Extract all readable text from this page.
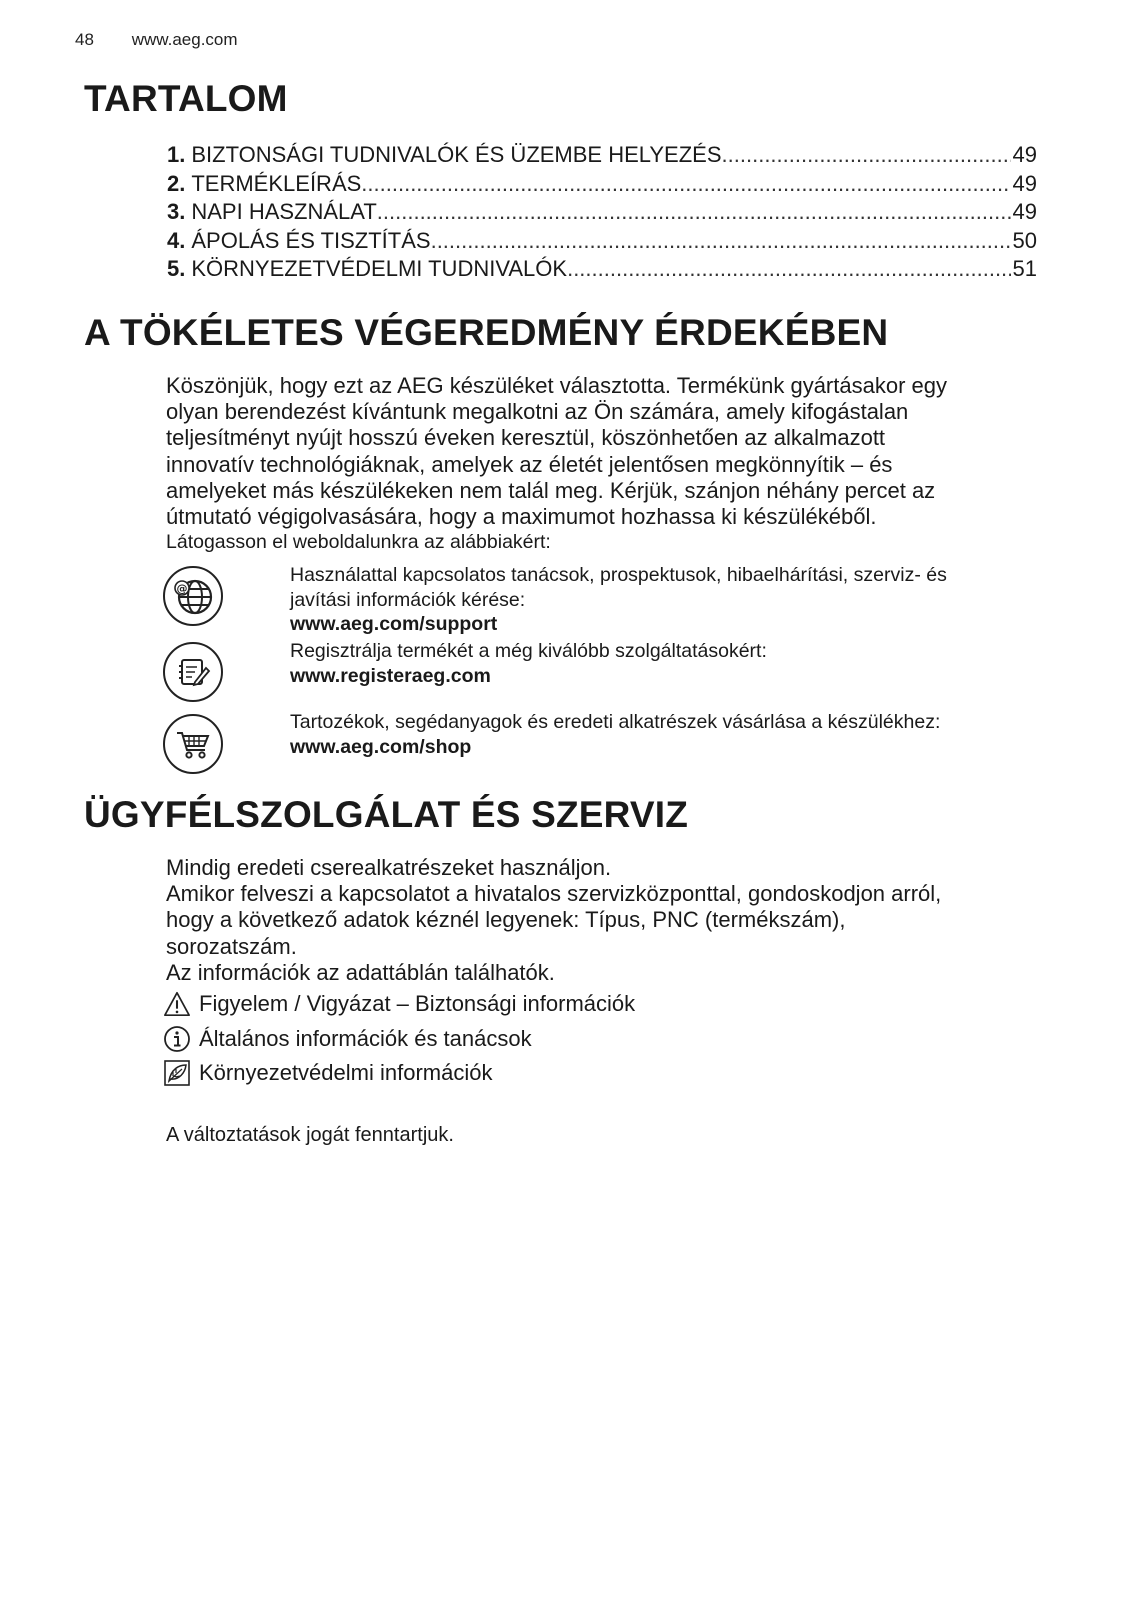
48 www.aeg.com
TARTALOM
1. BIZTONSÁGI TUDNIVALÓK ÉS ÜZEMBE HELYEZÉS .....	49
2. TERMÉKLEÍRÁS .....	49
3. NAPI HASZNÁLAT .....	49
4. ÁPOLÁS ÉS TISZTÍTÁS .....	50
5. KÖRNYEZETVÉDELMI TUDNIVALÓK .....	51
A TÖKÉLETES VÉGEREDMÉNY ÉRDEKÉBEN
Köszönjük, hogy ezt az AEG készüléket választotta. Termékünk gyártásakor egy
olyan berendezést kívántunk megalkotni az Ön számára, amely kifogástalan
teljesítményt nyújt hosszú éveken keresztül, köszönhetően az alkalmazott
innovatív technológiáknak, amelyek az életét jelentősen megkönnyítik – és
amelyeket más készülékeken nem talál meg. Kérjük, szánjon néhány percet az
útmutató végigolvasására, hogy a maximumot hozhassa ki készülékéből.
Látogasson el weboldalunkra az alábbiakért:
@
Használattal kapcsolatos tanácsok, prospektusok, hibaelhárítási, szerviz- és
javítási információk kérése:
www.aeg.com/support
Regisztrálja termékét a még kiválóbb szolgáltatásokért:
www.registeraeg.com
Tartozékok, segédanyagok és eredeti alkatrészek vásárlása a készülékhez:
www.aeg.com/shop
ÜGYFÉLSZOLGÁLAT ÉS SZERVIZ
Mindig eredeti cserealkatrészeket használjon.
Amikor felveszi a kapcsolatot a hivatalos szervizközponttal, gondoskodjon arról,
hogy a következő adatok kéznél legyenek: Típus, PNC (termékszám),
sorozatszám.
Az információk az adattáblán találhatók.
Figyelem / Vigyázat – Biztonsági információk
Általános információk és tanácsok
Környezetvédelmi információk
A változtatások jogát fenntartjuk.
